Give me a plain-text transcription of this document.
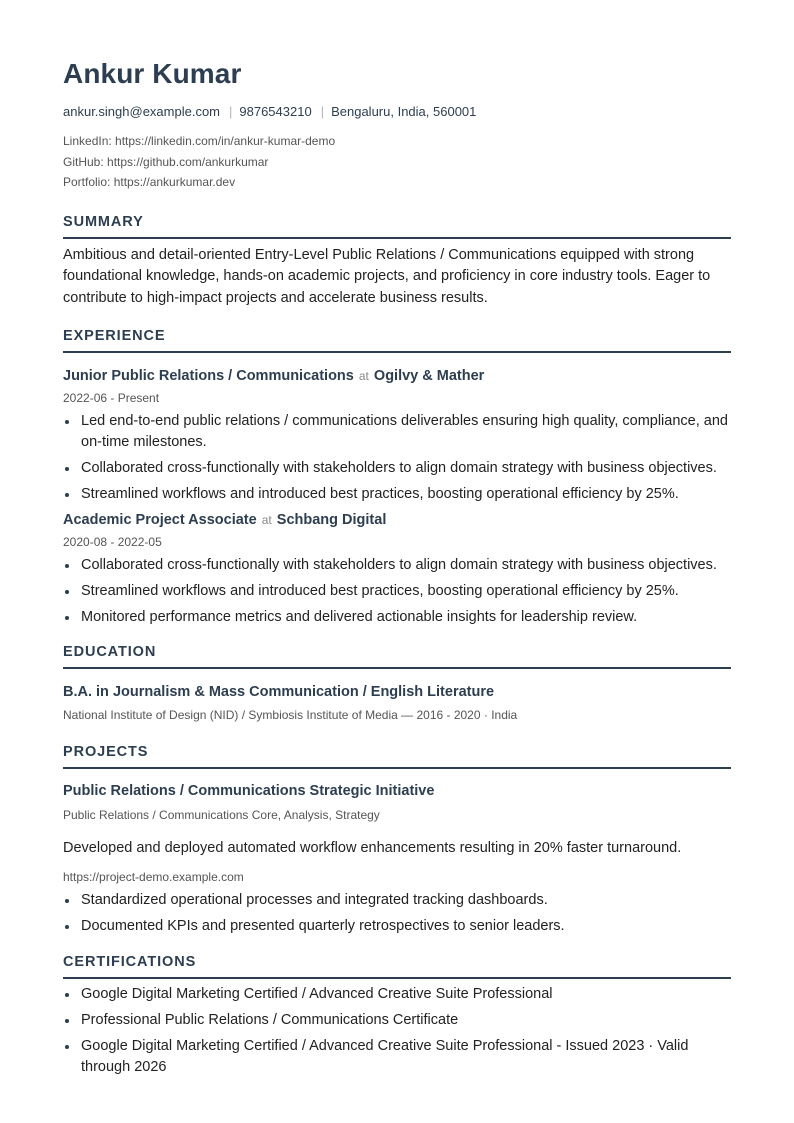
Ankur Kumar
ankur.singh@example.com | 9876543210 | Bengaluru, India, 560001
LinkedIn: https://linkedin.com/in/ankur-kumar-demo
GitHub: https://github.com/ankurkumar
Portfolio: https://ankurkumar.dev
SUMMARY
Ambitious and detail-oriented Entry-Level Public Relations / Communications equipped with strong foundational knowledge, hands-on academic projects, and proficiency in core industry tools. Eager to contribute to high-impact projects and accelerate business results.
EXPERIENCE
Junior Public Relations / Communications at Ogilvy & Mather
2022-06 - Present
Led end-to-end public relations / communications deliverables ensuring high quality, compliance, and on-time milestones.
Collaborated cross-functionally with stakeholders to align domain strategy with business objectives.
Streamlined workflows and introduced best practices, boosting operational efficiency by 25%.
Academic Project Associate at Schbang Digital
2020-08 - 2022-05
Collaborated cross-functionally with stakeholders to align domain strategy with business objectives.
Streamlined workflows and introduced best practices, boosting operational efficiency by 25%.
Monitored performance metrics and delivered actionable insights for leadership review.
EDUCATION
B.A. in Journalism & Mass Communication / English Literature
National Institute of Design (NID) / Symbiosis Institute of Media — 2016 - 2020 · India
PROJECTS
Public Relations / Communications Strategic Initiative
Public Relations / Communications Core, Analysis, Strategy
Developed and deployed automated workflow enhancements resulting in 20% faster turnaround.
https://project-demo.example.com
Standardized operational processes and integrated tracking dashboards.
Documented KPIs and presented quarterly retrospectives to senior leaders.
CERTIFICATIONS
Google Digital Marketing Certified / Advanced Creative Suite Professional
Professional Public Relations / Communications Certificate
Google Digital Marketing Certified / Advanced Creative Suite Professional - Issued 2023 · Valid through 2026
